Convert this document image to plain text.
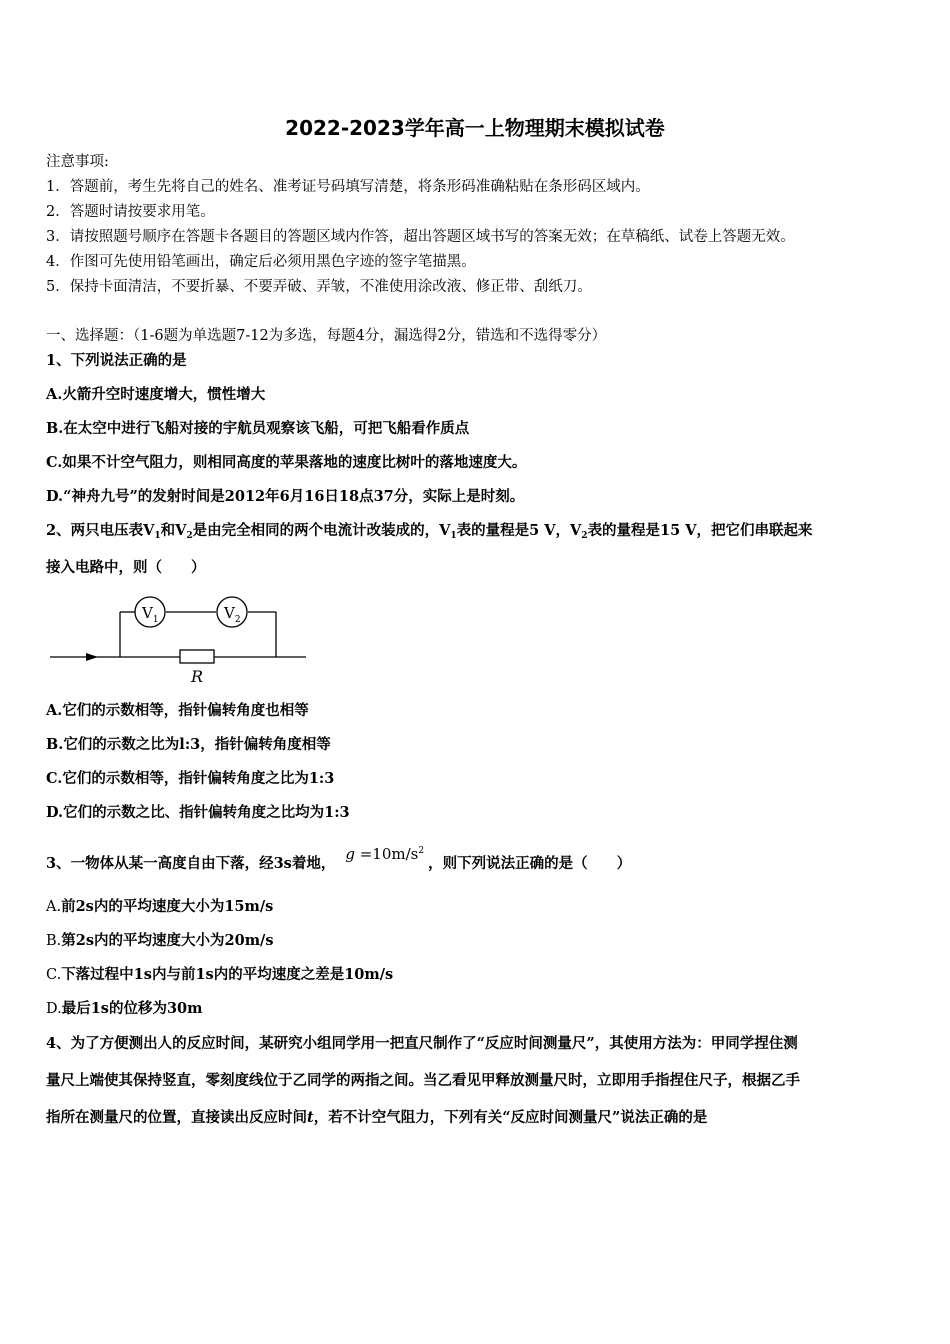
2022-2023学年高一上物理期末模拟试卷
注意事项:
1．答题前，考生先将自己的姓名、准考证号码填写清楚，将条形码准确粘贴在条形码区域内。
2．答题时请按要求用笔。
3．请按照题号顺序在答题卡各题目的答题区域内作答，超出答题区域书写的答案无效；在草稿纸、试卷上答题无效。
4．作图可先使用铅笔画出，确定后必须用黑色字迹的签字笔描黑。
5．保持卡面清洁，不要折暴、不要弄破、弄皱，不准使用涂改液、修正带、刮纸刀。
一、选择题：（1-6题为单选题7-12为多选，每题4分，漏选得2分，错选和不选得零分）
1、下列说法正确的是
A.火箭升空时速度增大，惯性增大
B.在太空中进行飞船对接的宇航员观察该飞船，可把飞船看作质点
C.如果不计空气阻力，则相同高度的苹果落地的速度比树叶的落地速度大。
D.“神舟九号”的发射时间是2012年6月16日18点37分，实际上是时刻。
2、两只电压表$V_1$和$V_2$是由完全相同的两个电流计改装成的，$V_1$表的量程是5 V，$V_2$表的量程是15 V，把它们串联起来
接入电路中，则（　　）
$V_1$	$V_2$
R
A.它们的示数相等，指针偏转角度也相等
B.它们的示数之比为l:3，指针偏转角度相等
C.它们的示数相等，指针偏转角度之比为1:3
D.它们的示数之比、指针偏转角度之比均为1:3
3、一物体从某一高度自由下落，经3s着地，$g =10m/s^2$，则下列说法正确的是（　　）
A.前2s内的平均速度大小为15m/s
B.第2s内的平均速度大小为20m/s
C.下落过程中1s内与前1s内的平均速度之差是10m/s
D.最后1s的位移为30m
4、为了方便测出人的反应时间，某研究小组同学用一把直尺制作了“反应时间测量尺”，其使用方法为：甲同学捏住测
量尺上端使其保持竖直，零刻度线位于乙同学的两指之间。当乙看见甲释放测量尺时，立即用手指捏住尺子，根据乙手
指所在测量尺的位置，直接读出反应时间t，若不计空气阻力，下列有关“反应时间测量尺”说法正确的是
